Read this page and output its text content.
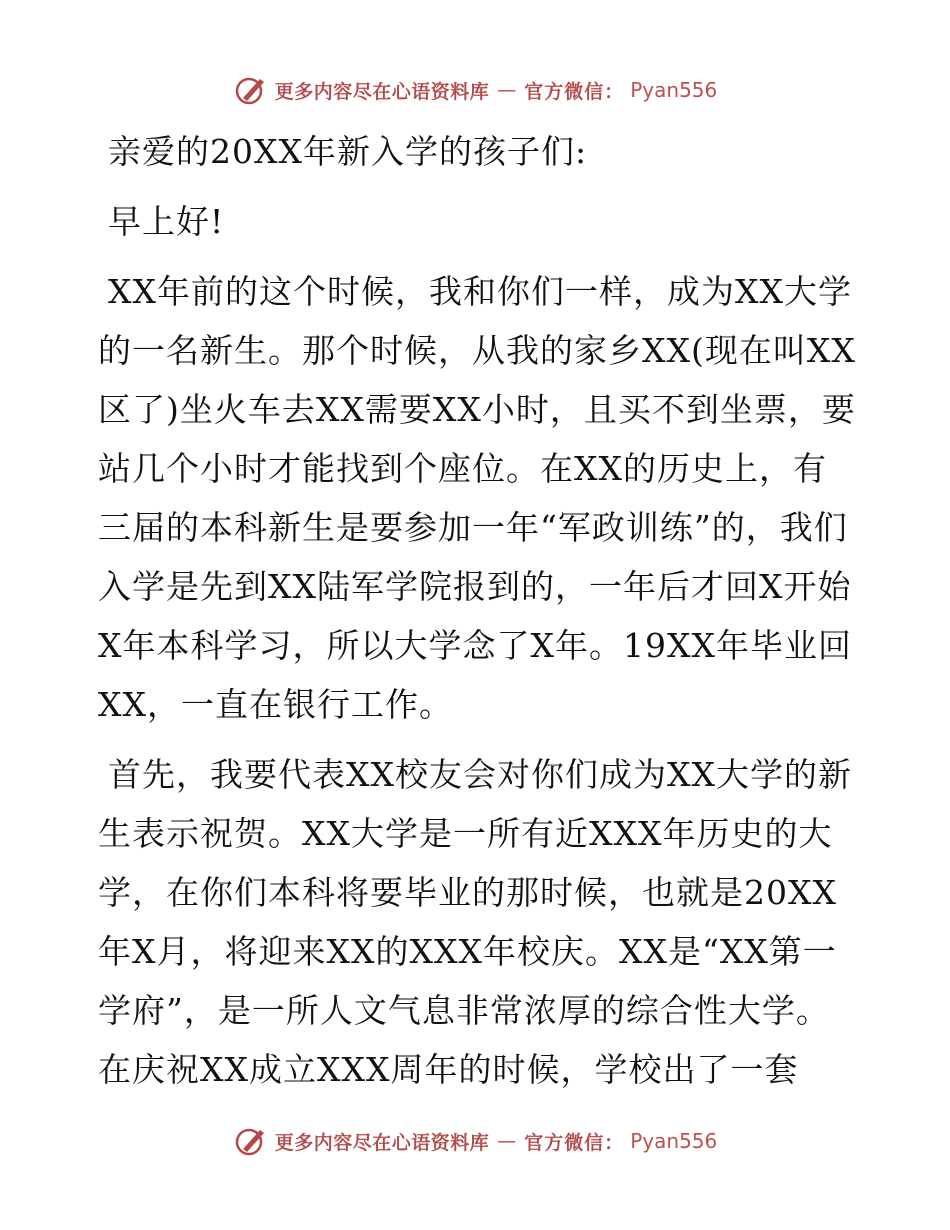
更多内容尽在心语资料库 — 官方微信： Pyan556

亲爱的20XX年新入学的孩子们:

早上好!

XX年前的这个时候，我和你们一样，成为XX大学的一名新生。那个时候，从我的家乡XX(现在叫XX区了)坐火车去XX需要XX小时，且买不到坐票，要站几个小时才能找到个座位。在XX的历史上，有三届的本科新生是要参加一年“军政训练”的，我们入学是先到XX陆军学院报到的，一年后才回X开始X年本科学习，所以大学念了X年。19XX年毕业回XX，一直在银行工作。

首先，我要代表XX校友会对你们成为XX大学的新生表示祝贺。XX大学是一所有近XXX年历史的大学，在你们本科将要毕业的那时候，也就是20XX年X月，将迎来XX的XXX年校庆。XX是“XX第一学府”，是一所人文气息非常浓厚的综合性大学。在庆祝XX成立XXX周年的时候，学校出了一套

更多内容尽在心语资料库 — 官方微信： Pyan556
